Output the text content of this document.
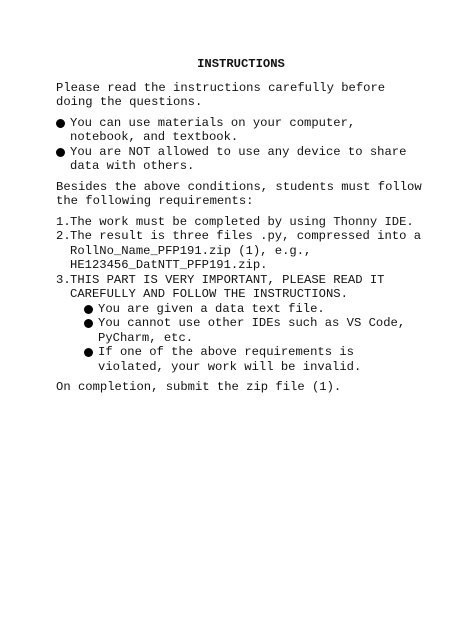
INSTRUCTIONS

Please read the instructions carefully before doing the questions.

You can use materials on your computer, notebook, and textbook.
You are NOT allowed to use any device to share data with others.

Besides the above conditions, students must follow the following requirements:

1. The work must be completed by using Thonny IDE.
2. The result is three files .py, compressed into a RollNo_Name_PFP191.zip (1), e.g., HE123456_DatNTT_PFP191.zip.
3. THIS PART IS VERY IMPORTANT, PLEASE READ IT CAREFULLY AND FOLLOW THE INSTRUCTIONS.
You are given a data text file.
You cannot use other IDEs such as VS Code, PyCharm, etc.
If one of the above requirements is violated, your work will be invalid.

On completion, submit the zip file (1).
